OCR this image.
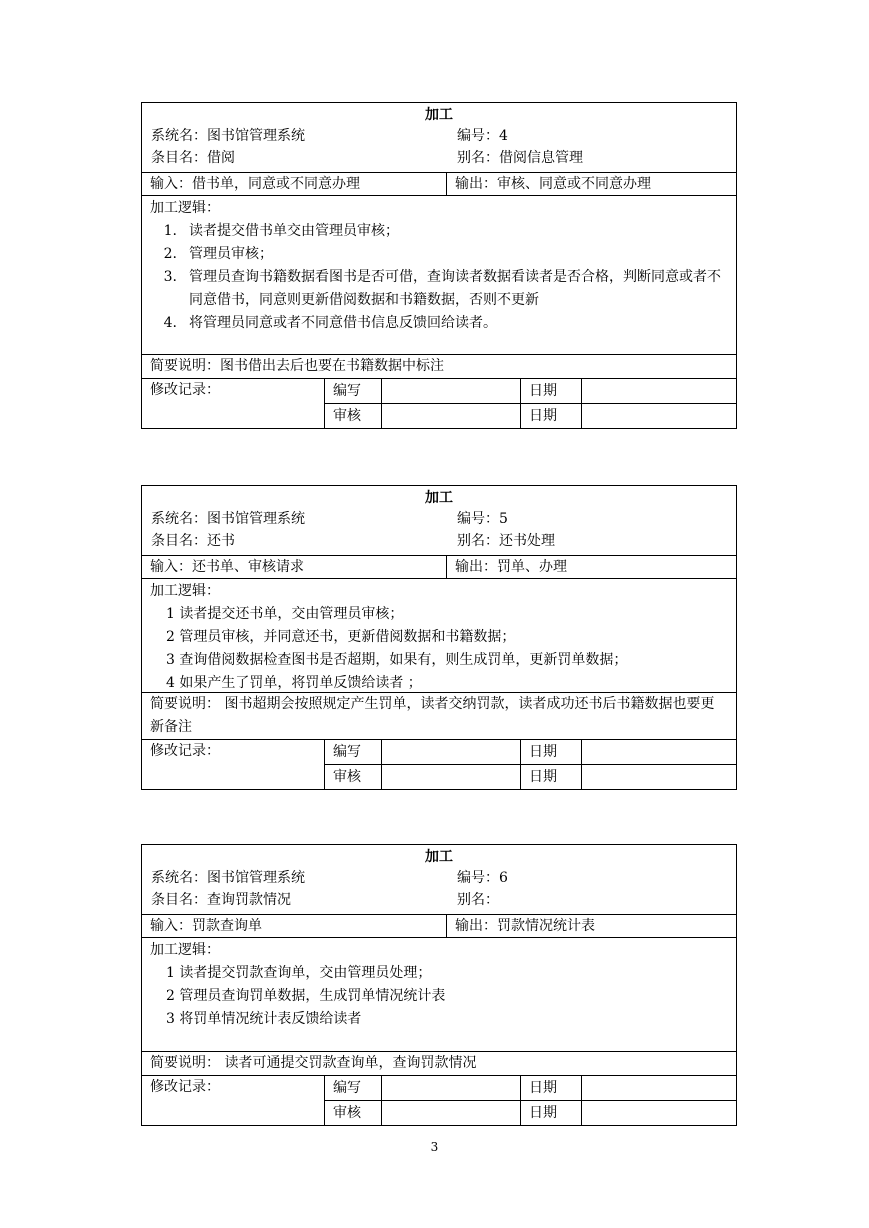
加工
系统名：图书馆管理系统	编号：4
条目名：借阅	别名：借阅信息管理
输入：借书单，同意或不同意办理	输出：审核、同意或不同意办理
加工逻辑：
1. 读者提交借书单交由管理员审核；
2. 管理员审核；
3. 管理员查询书籍数据看图书是否可借，查询读者数据看读者是否合格，判断同意或者不同意借书，同意则更新借阅数据和书籍数据，否则不更新
4. 将管理员同意或者不同意借书信息反馈回给读者。
简要说明：图书借出去后也要在书籍数据中标注
修改记录：	编写		日期	
	审核		日期	
加工
系统名：图书馆管理系统	编号：5
条目名：还书	别名：还书处理
输入：还书单、审核请求	输出：罚单、办理
加工逻辑：
1 读者提交还书单，交由管理员审核；
2 管理员审核，并同意还书，更新借阅数据和书籍数据；
3 查询借阅数据检查图书是否超期，如果有，则生成罚单，更新罚单数据；
4 如果产生了罚单，将罚单反馈给读者 ；
简要说明： 图书超期会按照规定产生罚单，读者交纳罚款，读者成功还书后书籍数据也要更新备注
修改记录：	编写		日期	
	审核		日期	
加工
系统名：图书馆管理系统	编号：6
条目名：查询罚款情况	别名：
输入：罚款查询单	输出：罚款情况统计表
加工逻辑：
1 读者提交罚款查询单，交由管理员处理；
2 管理员查询罚单数据，生成罚单情况统计表
3 将罚单情况统计表反馈给读者
简要说明： 读者可通提交罚款查询单，查询罚款情况
修改记录：	编写		日期	
	审核		日期	
3
